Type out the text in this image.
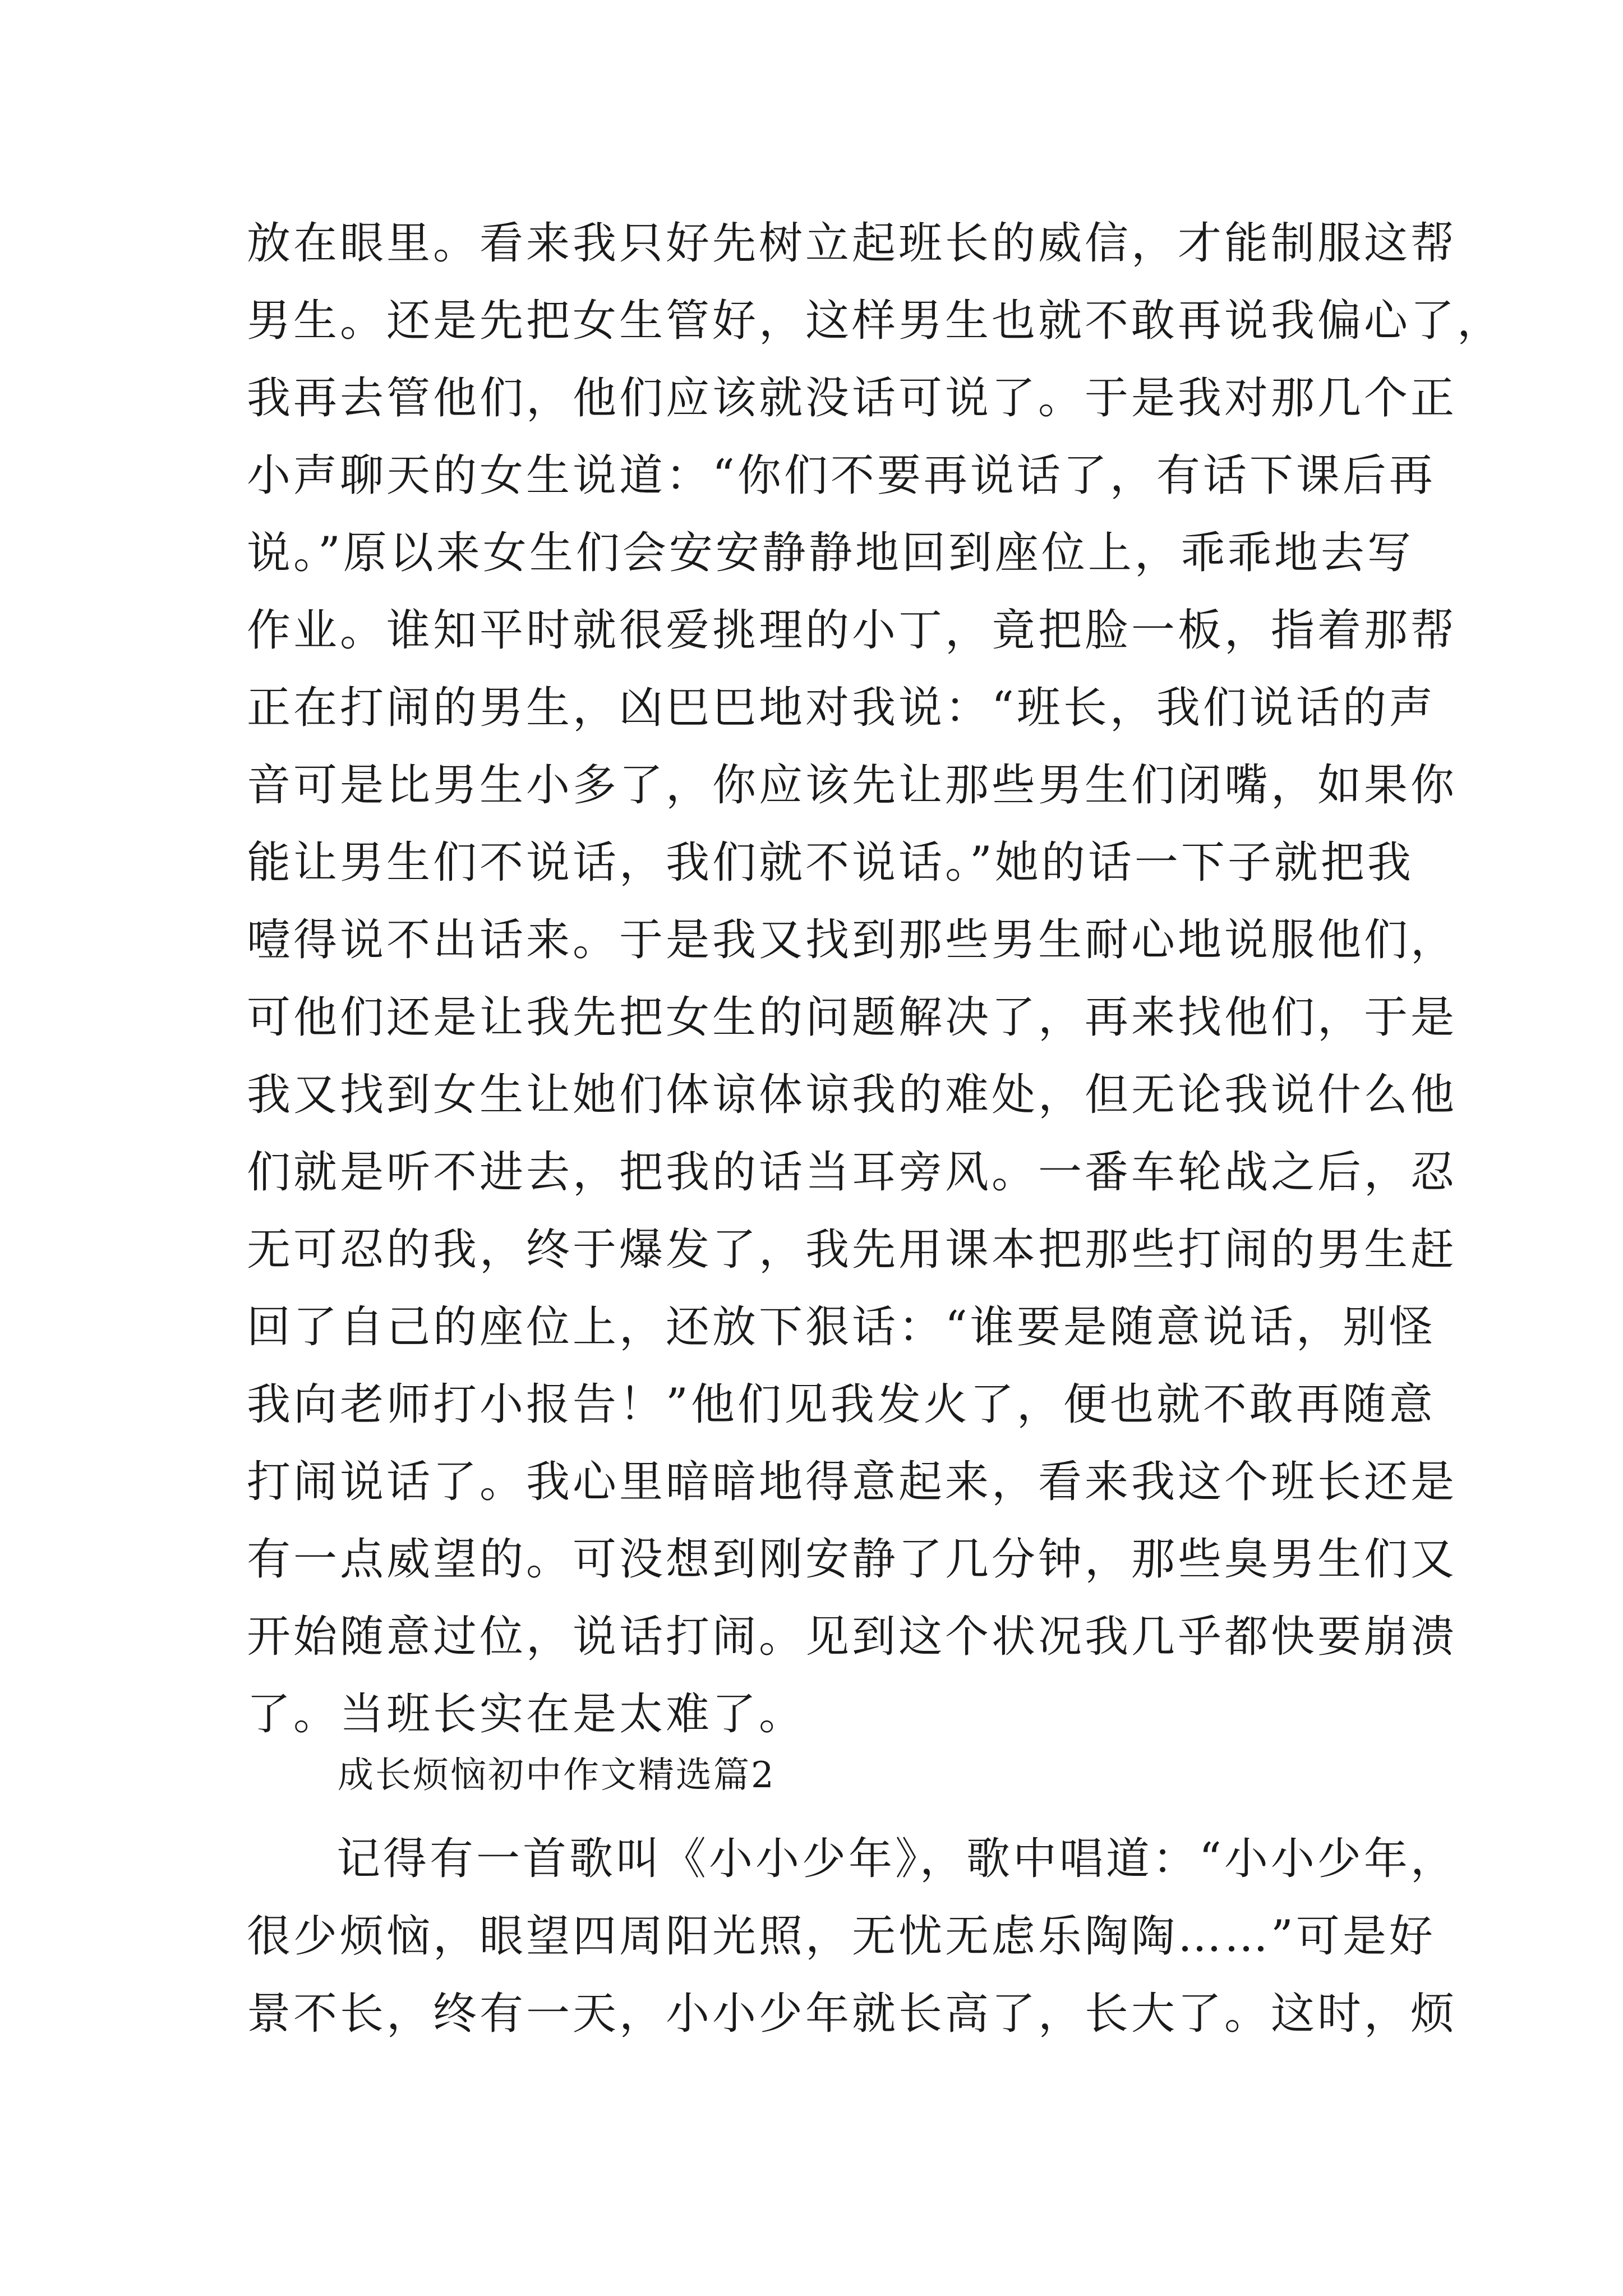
放在眼里。看来我只好先树立起班长的威信，才能制服这帮
男生。还是先把女生管好，这样男生也就不敢再说我偏心了，
我再去管他们，他们应该就没话可说了。于是我对那几个正
小声聊天的女生说道：“你们不要再说话了，有话下课后再
说。”原以来女生们会安安静静地回到座位上，乖乖地去写
作业。谁知平时就很爱挑理的小丁，竟把脸一板，指着那帮
正在打闹的男生，凶巴巴地对我说：“班长，我们说话的声
音可是比男生小多了，你应该先让那些男生们闭嘴，如果你
能让男生们不说话，我们就不说话。”她的话一下子就把我
噎得说不出话来。于是我又找到那些男生耐心地说服他们，
可他们还是让我先把女生的问题解决了，再来找他们，于是
我又找到女生让她们体谅体谅我的难处，但无论我说什么他
们就是听不进去，把我的话当耳旁风。一番车轮战之后，忍
无可忍的我，终于爆发了，我先用课本把那些打闹的男生赶
回了自己的座位上，还放下狠话：“谁要是随意说话，别怪
我向老师打小报告！”他们见我发火了，便也就不敢再随意
打闹说话了。我心里暗暗地得意起来，看来我这个班长还是
有一点威望的。可没想到刚安静了几分钟，那些臭男生们又
开始随意过位，说话打闹。见到这个状况我几乎都快要崩溃
了。当班长实在是太难了。
成长烦恼初中作文精选篇2
记得有一首歌叫《小小少年》，歌中唱道：“小小少年，
很少烦恼，眼望四周阳光照，无忧无虑乐陶陶……”可是好
景不长，终有一天，小小少年就长高了，长大了。这时，烦
